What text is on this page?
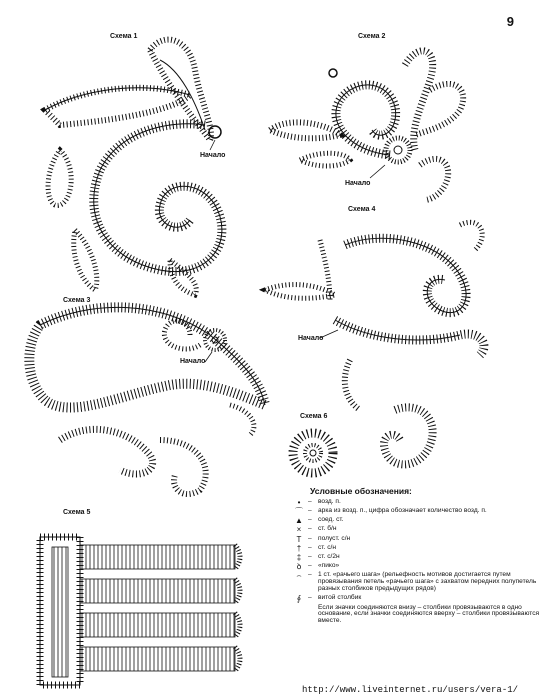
9
Схема 1	Схема 2
Схема 3
Схема 4
Схема 5
Схема 6
Начало
Начало
Начало
Начало
Условные обозначения:
•	– возд. п.
⌒ – арка из возд. п., цифра обозначает количество возд. п.
▲ – соед. ст.
×	– ст. б/н
T – полуст. с/н
†	– ст. с/н
‡	– ст. с/2н
ꝺ	– «пико»
⌢ – 1 ст. «рачьего шага» (рельефность мотивов достигается путем провязывания петель «рачьего шага» с захватом передних полупетель разных столбиков предыдущих рядов)
∮	– витой столбик
Если значки соединяются внизу – столбики провязываются в одно основание, если значки соединяются вверху – столбики провязываются вместе.
http://www.liveinternet.ru/users/vera-1/
